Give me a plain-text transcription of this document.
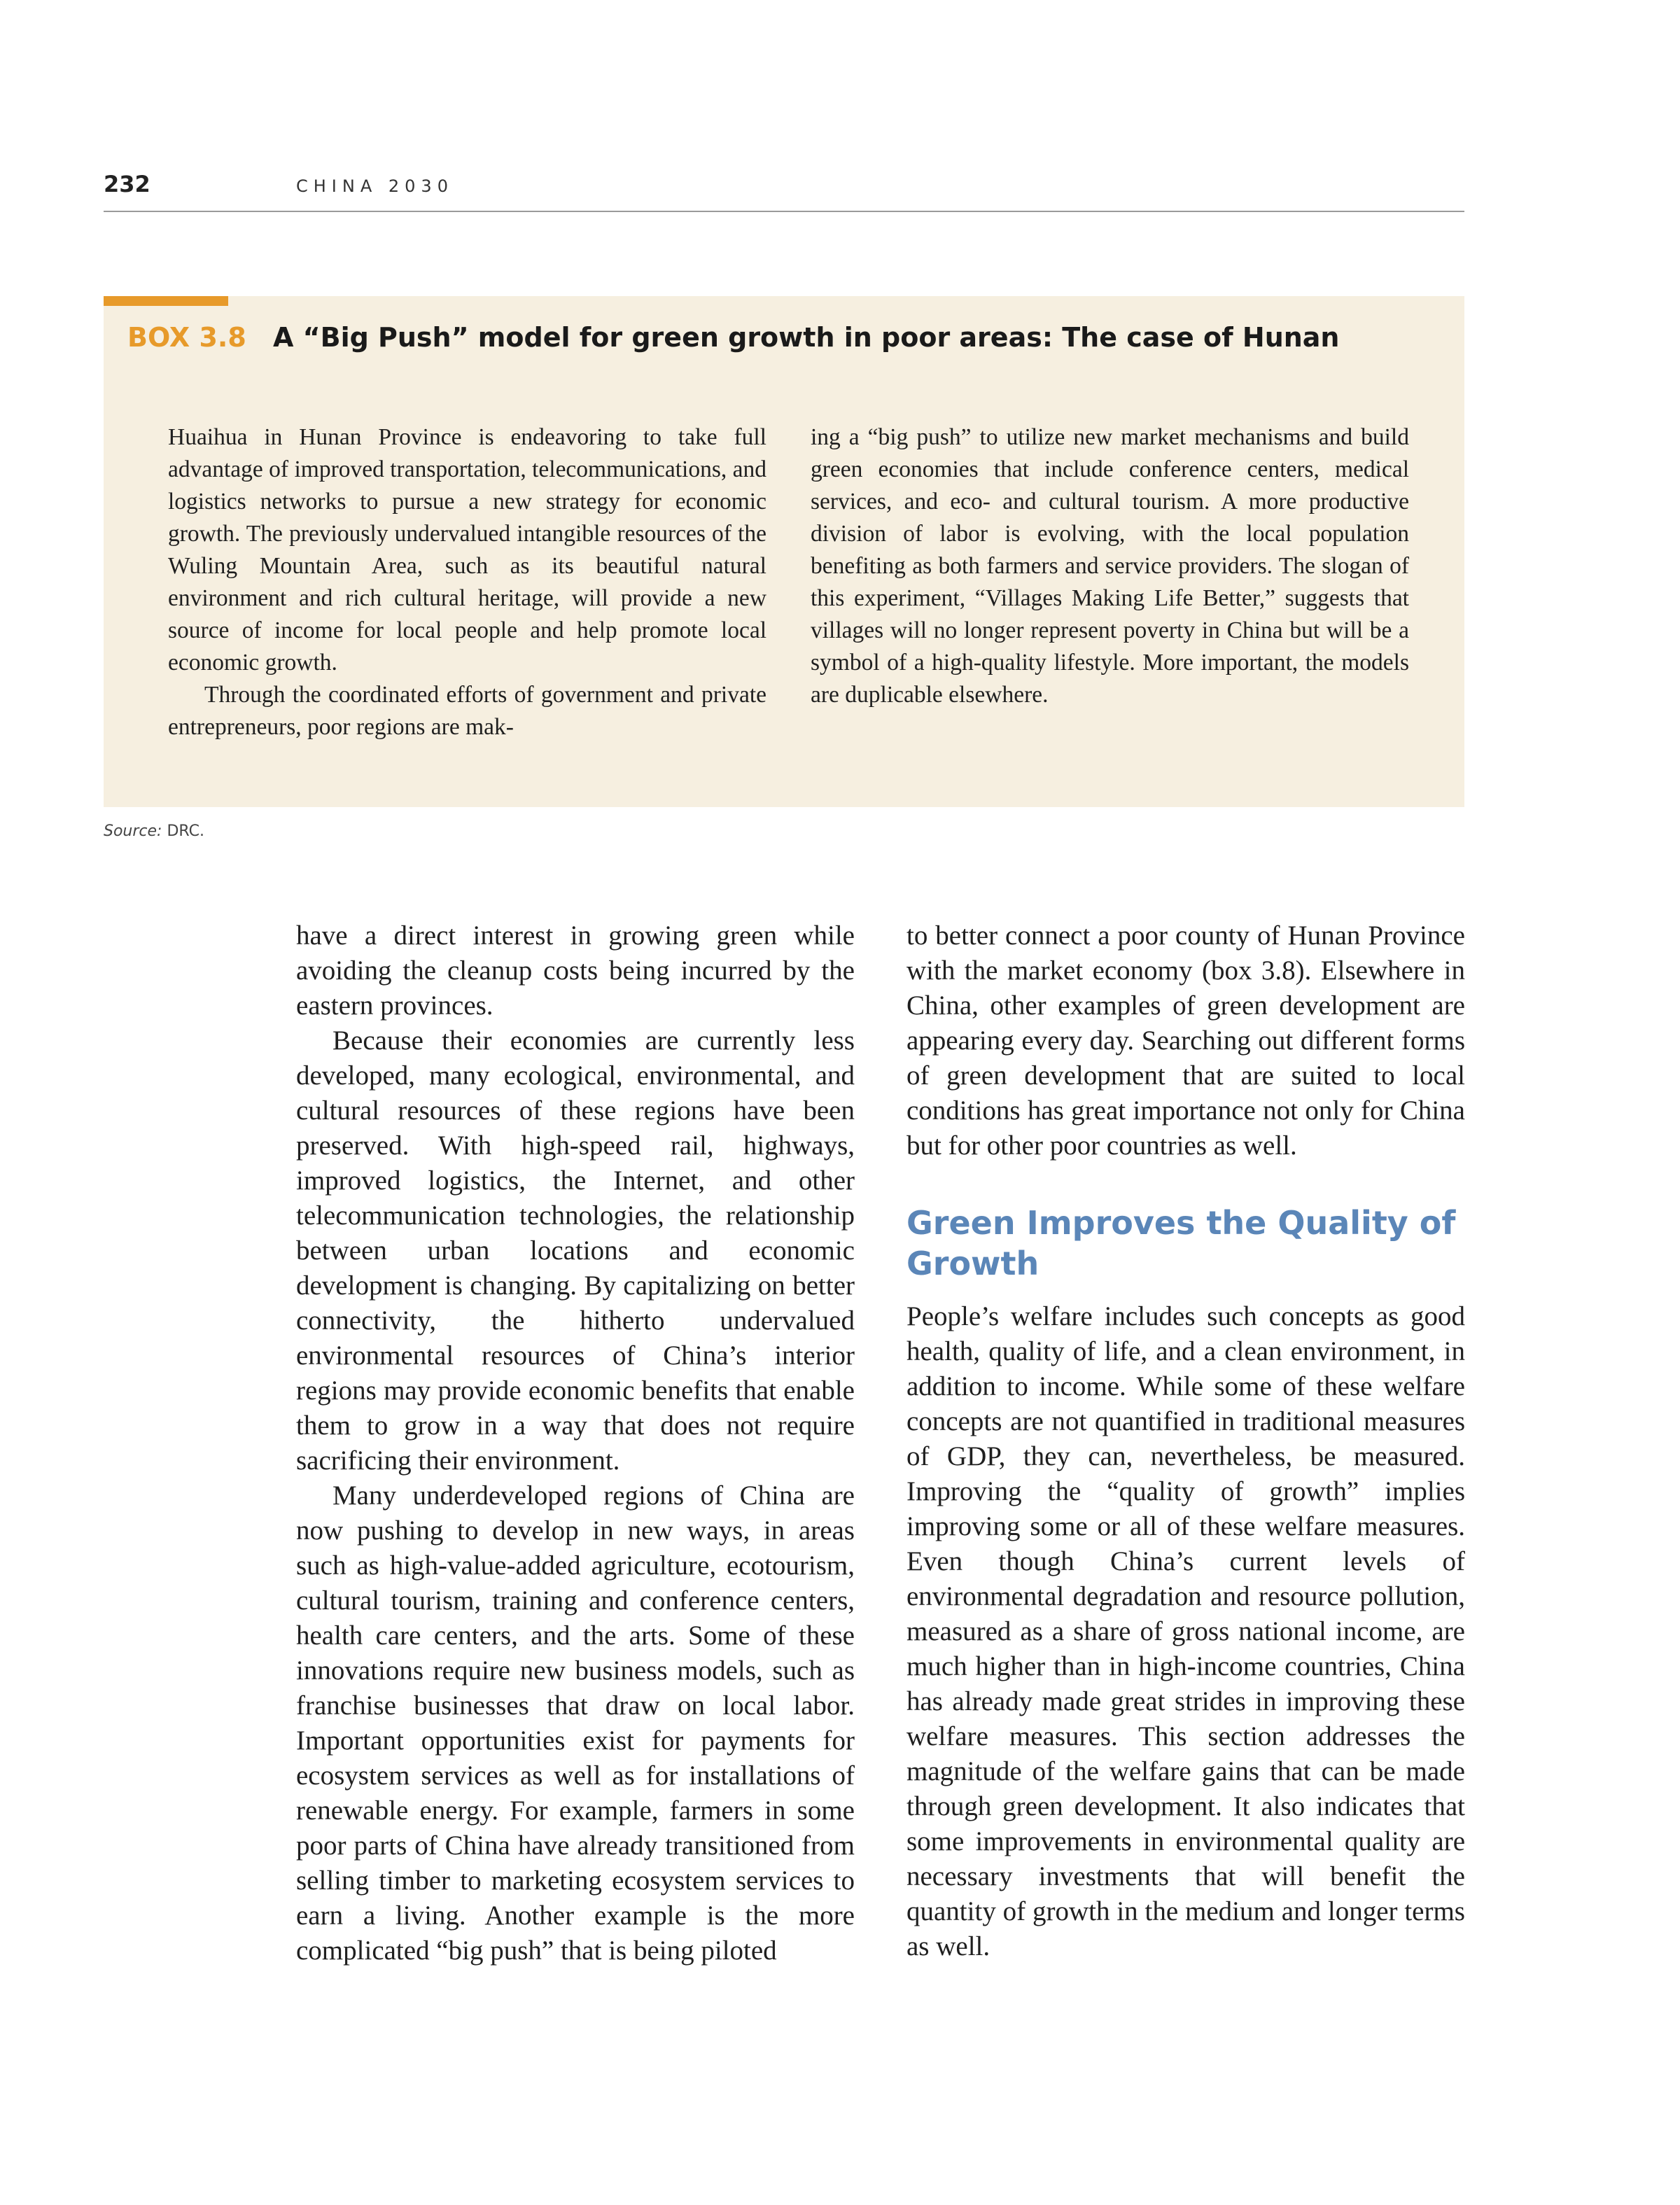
232	CHINA 2030
BOX 3.8 A “Big Push” model for green growth in poor areas: The case of Hunan

Huaihua in Hunan Province is endeavoring to take full advantage of improved transportation, telecommunications, and logistics networks to pursue a new strategy for economic growth. The previously undervalued intangible resources of the Wuling Mountain Area, such as its beautiful natural environment and rich cultural heritage, will provide a new source of income for local people and help promote local economic growth.

Through the coordinated efforts of government and private entrepreneurs, poor regions are mak-

ing a “big push” to utilize new market mechanisms and build green economies that include conference centers, medical services, and eco- and cultural tourism. A more productive division of labor is evolving, with the local population benefiting as both farmers and service providers. The slogan of this experiment, “Villages Making Life Better,” suggests that villages will no longer represent poverty in China but will be a symbol of a high-quality lifestyle. More important, the models are duplicable elsewhere.

Source: DRC.

have a direct interest in growing green while avoiding the cleanup costs being incurred by the eastern provinces.

Because their economies are currently less developed, many ecological, environmental, and cultural resources of these regions have been preserved. With high-speed rail, highways, improved logistics, the Internet, and other telecommunication technologies, the relationship between urban locations and economic development is changing. By capitalizing on better connectivity, the hitherto undervalued environmental resources of China’s interior regions may provide economic benefits that enable them to grow in a way that does not require sacrificing their environment.

Many underdeveloped regions of China are now pushing to develop in new ways, in areas such as high-value-added agriculture, ecotourism, cultural tourism, training and conference centers, health care centers, and the arts. Some of these innovations require new business models, such as franchise businesses that draw on local labor. Important opportunities exist for payments for ecosystem services as well as for installations of renewable energy. For example, farmers in some poor parts of China have already transitioned from selling timber to marketing ecosystem services to earn a living. Another example is the more complicated “big push” that is being piloted

to better connect a poor county of Hunan Province with the market economy (box 3.8). Elsewhere in China, other examples of green development are appearing every day. Searching out different forms of green development that are suited to local conditions has great importance not only for China but for other poor countries as well.

Green Improves the Quality of Growth

People’s welfare includes such concepts as good health, quality of life, and a clean environment, in addition to income. While some of these welfare concepts are not quantified in traditional measures of GDP, they can, nevertheless, be measured. Improving the “quality of growth” implies improving some or all of these welfare measures. Even though China’s current levels of environmental degradation and resource pollution, measured as a share of gross national income, are much higher than in high-income countries, China has already made great strides in improving these welfare measures. This section addresses the magnitude of the welfare gains that can be made through green development. It also indicates that some improvements in environmental quality are necessary investments that will benefit the quantity of growth in the medium and longer terms as well.
